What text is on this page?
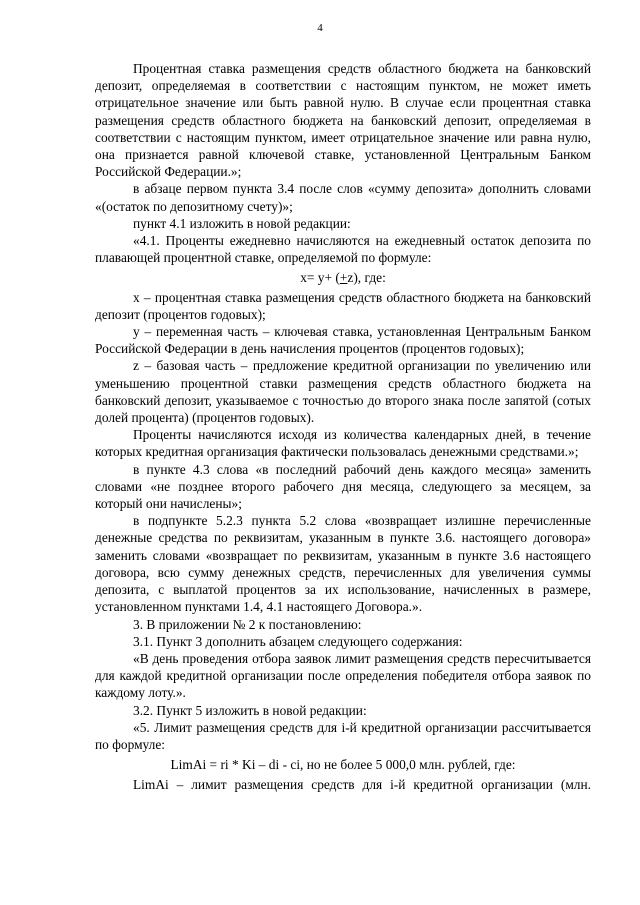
4

Процентная ставка размещения средств областного бюджета на банковский депозит, определяемая в соответствии с настоящим пунктом, не может иметь отрицательное значение или быть равной нулю. В случае если процентная ставка размещения средств областного бюджета на банковский депозит, определяемая в соответствии с настоящим пунктом, имеет отрицательное значение или равна нулю, она признается равной ключевой ставке, установленной Центральным Банком Российской Федерации.»;

в абзаце первом пункта 3.4 после слов «сумму депозита» дополнить словами «(остаток по депозитному счету)»;

пункт 4.1 изложить в новой редакции:

«4.1. Проценты ежедневно начисляются на ежедневный остаток депозита по плавающей процентной ставке, определяемой по формуле:

х= у+ (+z), где:

х – процентная ставка размещения средств областного бюджета на банковский депозит (процентов годовых);

у – переменная часть – ключевая ставка, установленная Центральным Банком Российской Федерации в день начисления процентов (процентов годовых);

z – базовая часть – предложение кредитной организации по увеличению или уменьшению процентной ставки размещения средств областного бюджета на банковский депозит, указываемое с точностью до второго знака после запятой (сотых долей процента) (процентов годовых).

Проценты начисляются исходя из количества календарных дней, в течение которых кредитная организация фактически пользовалась денежными средствами.»;

в пункте 4.3 слова «в последний рабочий день каждого месяца» заменить словами «не позднее второго рабочего дня месяца, следующего за месяцем, за который они начислены»;

в подпункте 5.2.3 пункта 5.2 слова «возвращает излишне перечисленные денежные средства по реквизитам, указанным в пункте 3.6. настоящего договора» заменить словами «возвращает по реквизитам, указанным в пункте 3.6 настоящего договора, всю сумму денежных средств, перечисленных для увеличения суммы депозита, с выплатой процентов за их использование, начисленных в размере, установленном пунктами 1.4, 4.1 настоящего Договора.».

3. В приложении № 2 к постановлению:

3.1. Пункт 3 дополнить абзацем следующего содержания:

«В день проведения отбора заявок лимит размещения средств пересчитывается для каждой кредитной организации после определения победителя отбора заявок по каждому лоту.».

3.2. Пункт 5 изложить в новой редакции:

«5. Лимит размещения средств для i-й кредитной организации рассчитывается по формуле:

LimAi = ri * Ki – di - ci, но не более 5 000,0 млн. рублей, где:

LimAi – лимит размещения средств для i-й кредитной организации (млн.
